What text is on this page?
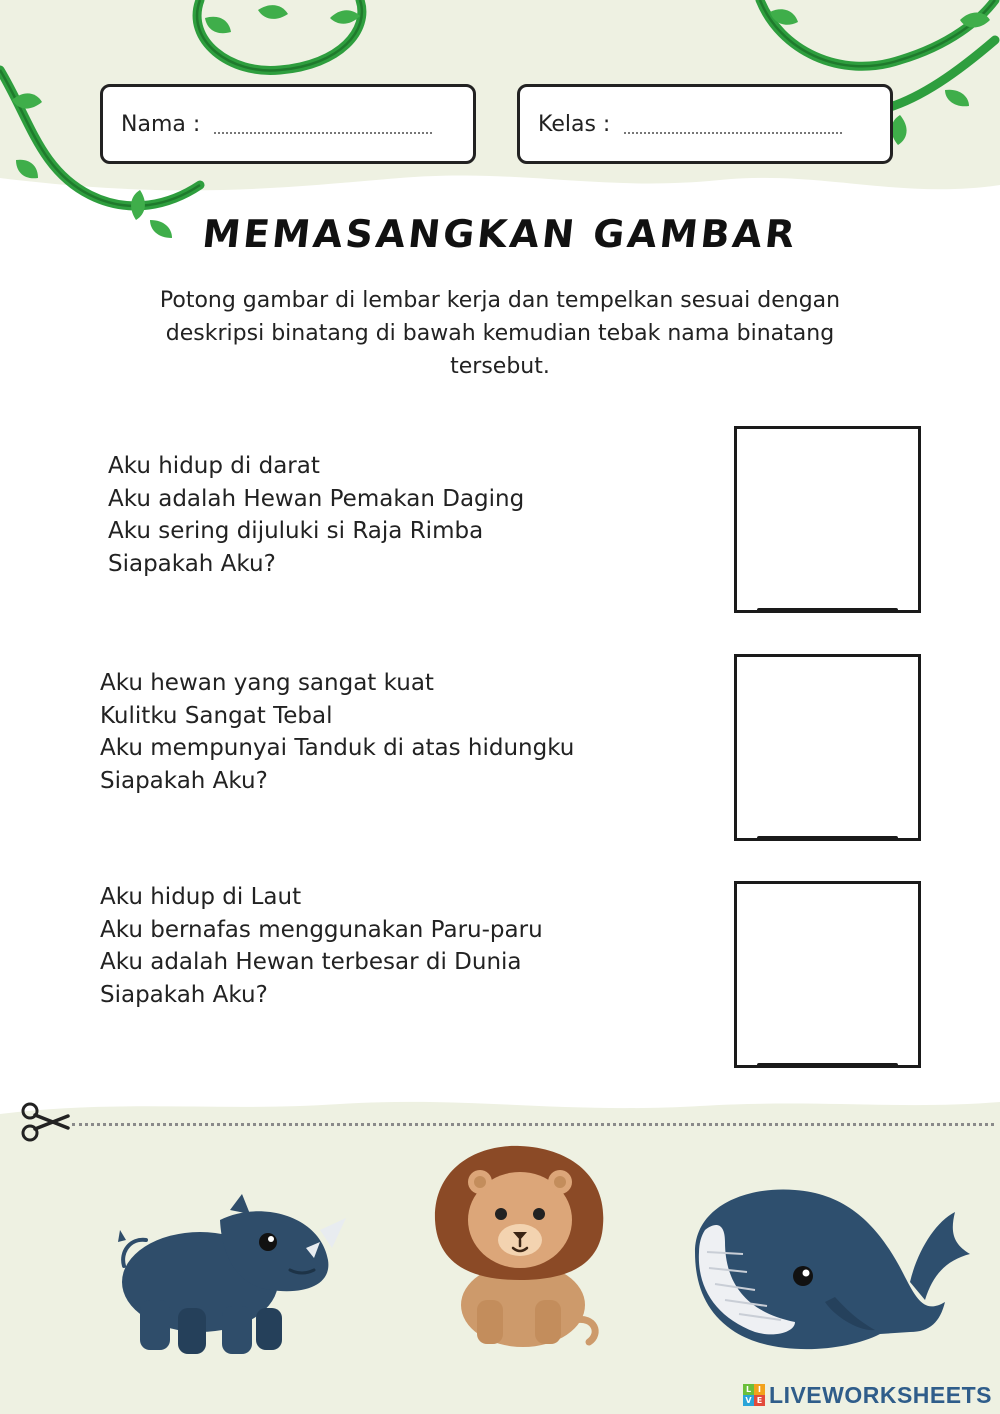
Nama :	Kelas :
MEMASANGKAN GAMBAR

Potong gambar di lembar kerja dan tempelkan sesuai dengan deskripsi binatang di bawah kemudian tebak nama binatang tersebut.

Aku hidup di darat

Aku adalah Hewan Pemakan Daging

Aku sering dijuluki si Raja Rimba

Siapakah Aku?

Aku hewan yang sangat kuat

Kulitku Sangat Tebal

Aku mempunyai Tanduk di atas hidungku

Siapakah Aku?

Aku hidup di Laut

Aku bernafas menggunakan Paru-paru

Aku adalah Hewan terbesar di Dunia

Siapakah Aku?

L I
V E LIVEWORKSHEETS
